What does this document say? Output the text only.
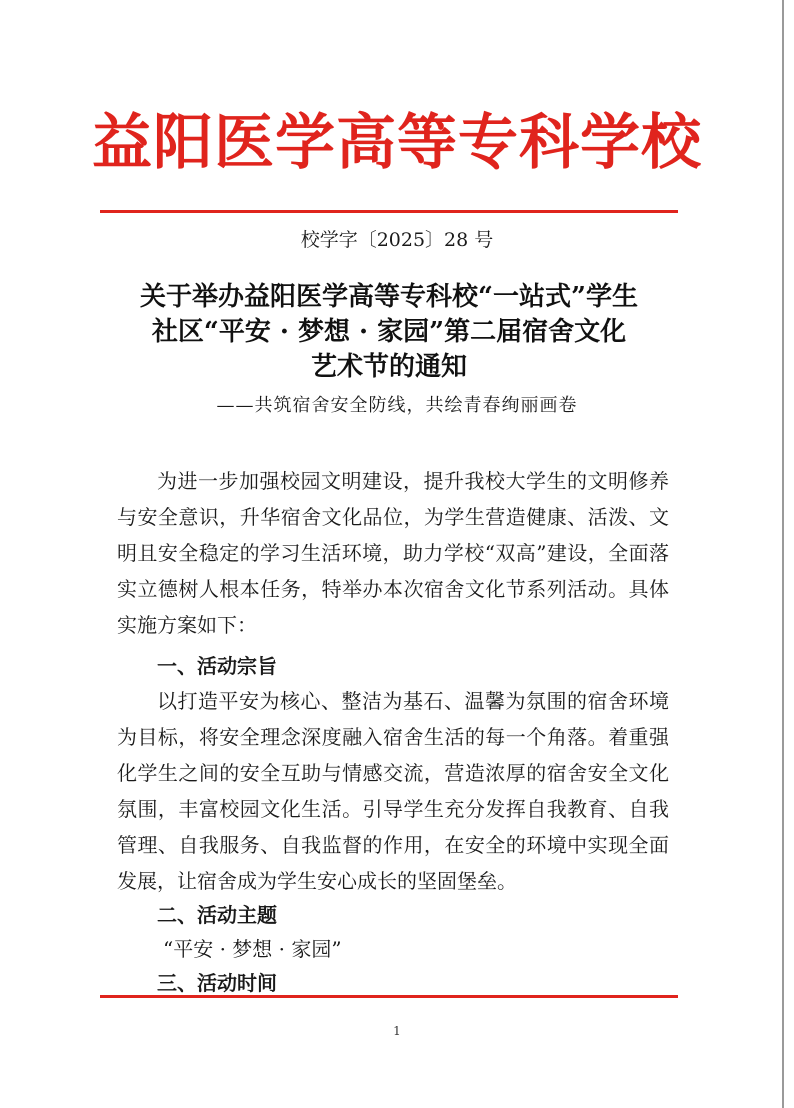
益阳医学高等专科学校
校学字〔2025〕28 号
关于举办益阳医学高等专科校“一站式”学生
社区“平安 · 梦想 · 家园”第二届宿舍文化
艺术节的通知
——共筑宿舍安全防线，共绘青春绚丽画卷
为进一步加强校园文明建设，提升我校大学生的文明修养与安全意识，升华宿舍文化品位，为学生营造健康、活泼、文明且安全稳定的学习生活环境，助力学校“双高”建设，全面落实立德树人根本任务，特举办本次宿舍文化节系列活动。具体实施方案如下：
一、活动宗旨
以打造平安为核心、整洁为基石、温馨为氛围的宿舍环境为目标，将安全理念深度融入宿舍生活的每一个角落。着重强化学生之间的安全互助与情感交流，营造浓厚的宿舍安全文化氛围，丰富校园文化生活。引导学生充分发挥自我教育、自我管理、自我服务、自我监督的作用，在安全的环境中实现全面发展，让宿舍成为学生安心成长的坚固堡垒。
二、活动主题
“平安 · 梦想 · 家园”
三、活动时间
1
